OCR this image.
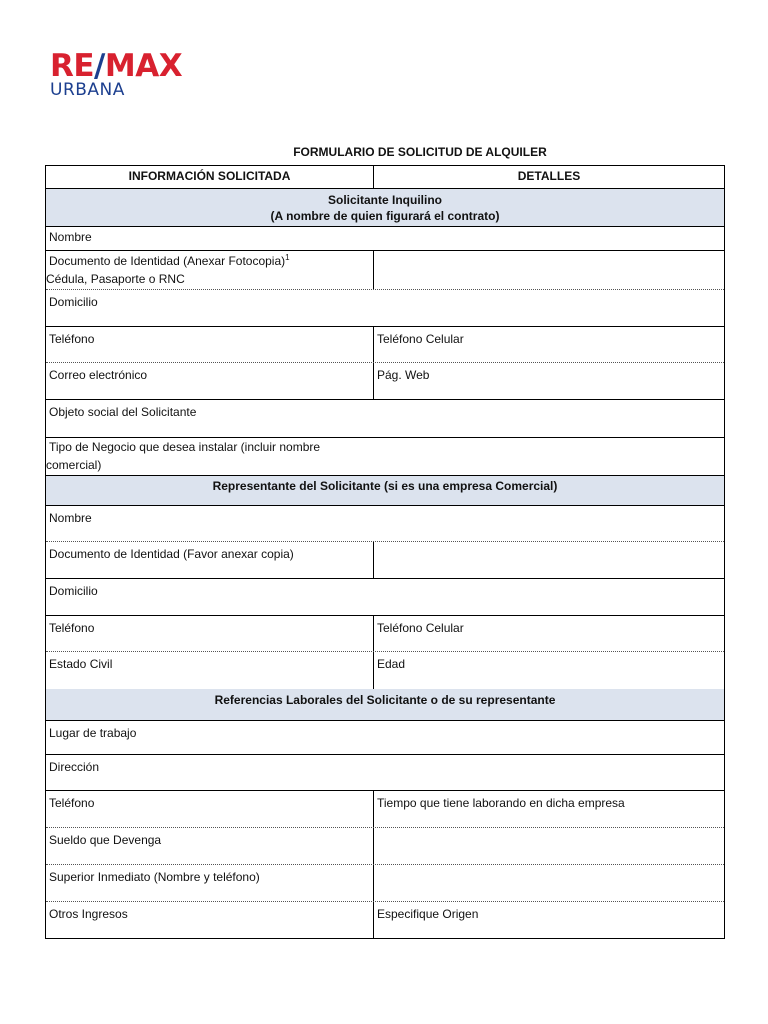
RE/MAX
URBANA
FORMULARIO DE SOLICITUD DE ALQUILER
INFORMACIÓN SOLICITADA	DETALLES
Solicitante Inquilino
(A nombre de quien figurará el contrato)
Nombre
Documento de Identidad (Anexar Fotocopia)$^1$
Cédula, Pasaporte o RNC
Domicilio
Teléfono	Teléfono Celular
Correo electrónico	Pág. Web
Objeto social del Solicitante
Tipo de Negocio que desea instalar (incluir nombre
comercial)
Representante del Solicitante (si es una empresa Comercial)
Nombre
Documento de Identidad (Favor anexar copia)
Domicilio
Teléfono	Teléfono Celular
Estado Civil	Edad
Referencias Laborales del Solicitante o de su representante
Lugar de trabajo
Dirección
Teléfono	Tiempo que tiene laborando en dicha empresa
Sueldo que Devenga
Superior Inmediato (Nombre y teléfono)
Otros Ingresos	Especifique Origen
